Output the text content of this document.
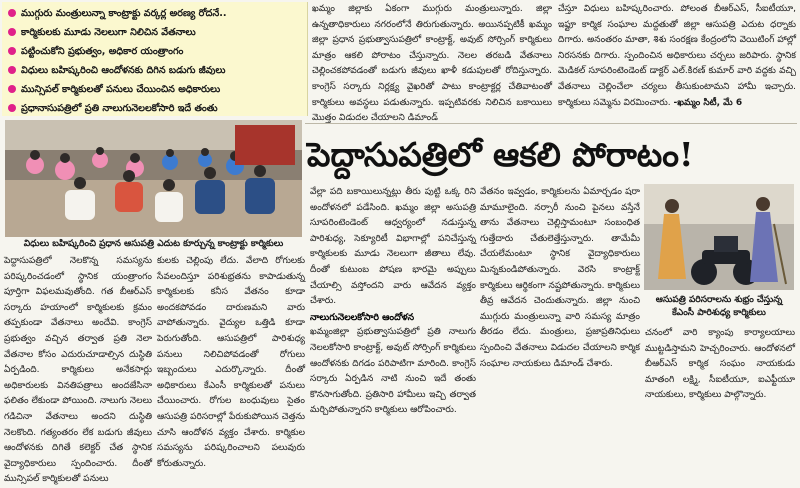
ముగ్గురు మంత్రులున్నా కాంట్రాక్టు వర్కర్ల అరణ్య రోదనే..
కార్మికులకు మూడు నెలలుగా నిలిచిన వేతనాలు
పట్టించుకోని ప్రభుత్వం, అధికార యంత్రాంగం
విధులు బహిష్కరించి ఆందోళనకు దిగిన బడుగు జీవులు
మున్సిపల్ కార్మికులతో పనులు చేయించిన అధికారులు
ప్రధానాసుపత్రిలో ప్రతి నాలుగునెలలకోసారి ఇదే తంతు

ఖమ్మం జిల్లాకు ఏకంగా ముగ్గురు మంత్రులున్నారు. జిల్లా ఉన్నతాధికారులు నగరంలోనే తిరుగుతున్నారు. అయినప్పటికీ ఖమ్మం జిల్లా ప్రధాన ప్రభుత్వాసుపత్రిలో కాంట్రాక్ట్, అవుట్ సోర్సింగ్ కార్మికులు మాత్రం ఆకలి పోరాటం చేస్తున్నారు. నెలల తరబడి వేతనాలు చెల్లించకపోవడంతో బడుగు జీవులు ఖాళీ కడుపులతో రోదిస్తున్నారు. కాంగ్రెస్ సర్కారు నిర్లక్ష్య వైఖరితో పాటు కాంట్రాక్టర్ల చేతివాటంతో కార్మికులు అవస్థలు పడుతున్నారు. ఇప్పటివరకు నిలిచిన బకాయిలు మొత్తం విడుదల చేయాలని డిమాండ్

చేస్తూ విధులు బహిష్కరించారు. పోలంత బీఆర్ఎస్, సీఐటీయూ, ఇఫ్టూ కార్మిక సంఘాల మద్దతుతో జిల్లా ఆసుపత్రి ఎదుట ధర్నాకు దిగారు. అనంతరం మాతా, శిశు సంరక్షణ కేంద్రంలోని వెయిటింగ్ హాల్లో నిరసనకు దిగారు. స్పందించిన అధికారులు చర్చలు జరిపారు. స్థానిక మెడికల్ సూపరింటెండెంట్ డాక్టర్ ఎల్.కిరణ్ కుమార్ వారి వద్దకు వచ్చి వేతనాలు చెల్లించేలా చర్యలు తీసుకుంటామని హామీ ఇచ్చారు. కార్మికులు సమ్మెను విరమించారు. -ఖమ్మం సిటీ, మే 6
పెద్దాసుపత్రిలో ఆకలి పోరాటం!
విధులు బహిష్కరించి ప్రధాన ఆసుపత్రి ఎదుట కూర్చున్న కాంట్రాక్టు కార్మికులు

పెద్దాసుపత్రిలో నెలకొన్న సమస్యను పరిష్కరించడంలో స్థానిక యంత్రాంగం పూర్తిగా విఫలమవుతోంది. గత బీఆర్ఎస్ సర్కారు హయాంలో కార్మికులకు క్రమం తప్పకుండా వేతనాలు అందేవి. కాంగ్రెస్ ప్రభుత్వం వచ్చిన తర్వాత ప్రతి నెలా వేతనాల కోసం ఎదురుచూడాల్సిన దుస్థితి ఏర్పడింది. కార్మికులు అనేకసార్లు అధికారులకు వినతిపత్రాలు అందజేసినా ఫలితం లేకుండా పోయింది. నాలుగు నెలలు గడిచినా వేతనాలు అందని దుస్థితి నెలకొంది. గత్యంతరం లేక బడుగు జీవులు ఆందోళనకు దిగితే కలెక్టర్ చేత స్థానిక వైద్యాధికారులు స్పందించారు. దీంతో మున్సిపల్ కార్మికులతో పనులు

కులకు చెల్లింపు లేదు. వేలాది రోగులకు సేవలందిస్తూ పరిశుభ్రతను కాపాడుతున్న కార్మికులకు కనీస వేతనం కూడా అందకపోవడం దారుణమని వారు వాపోతున్నారు. వైద్యుల ఒత్తిడి కూడా పెరుగుతోంది. ఆసుపత్రిలో పారిశుధ్య పనులు నిలిచిపోవడంతో రోగులు ఇబ్బందులు ఎదుర్కొన్నారు. దీంతో అధికారులు కేఎంసీ కార్మికులతో పనులు చేయించారు. రోగుల బంధువులు సైతం ఆసుపత్రి పరిసరాల్లో పేరుకుపోయిన చెత్తను చూసి ఆందోళన వ్యక్తం చేశారు. కార్మికుల సమస్యను పరిష్కరించాలని పలువురు కోరుతున్నారు.

వేల్లా పది బకాయిలున్నట్లు తీరు పుట్టి ఒక్క రిని అందోళనలో పడేసింది. ఖమ్మం జిల్లా అసుపత్రి సూపరింటెండెంట్ ఆధ్వర్యంలో నడుస్తున్న పారిశుధ్య, సెక్యూరిటీ విభాగాల్లో పనిచేస్తున్న కార్మికులకు మూడు నెలలుగా జీతాలు లేవు. దీంతో కుటుంబ పోషణ భారమై అప్పులు చేయాల్సి వస్తోందని వారు ఆవేదన వ్యక్తం చేశారు.

నాలుగునెలలకోసారి ఆందోళన

ఖమ్మంజిల్లా ప్రభుత్వాసుపత్రిలో ప్రతి నాలుగు నెలలకోసారి కాంట్రాక్ట్, అవుట్ సోర్సింగ్ కార్మికులు ఆందోళనకు దిగడం పరిపాటిగా మారింది. కాంగ్రెస్ సర్కారు ఏర్పడిన నాటి నుంచి ఇదే తంతు కొనసాగుతోంది. ప్రతిసారి హామీలు ఇచ్చి తర్వాత మర్చిపోతున్నారని కార్మికులు ఆరోపించారు.

వేతనం ఇవ్వడం, కార్మికులను ఏమార్చడం షరా మామూలైంది. నర్సారీ నుంచి పైనలు వస్తేనే తాను వేతనాలు చెల్లిస్తామంటూ సంబంధిత గుత్తేదారు చేతులెత్తేస్తున్నారు. తామేమీ చేయలేమంటూ స్థానిక వైద్యాధికారులు మిన్నకుండిపోతున్నారు. వెరసి కాంట్రాక్ట్ కార్మికులు ఆర్థికంగా నష్టపోతున్నారు. కార్మికులు తీవ్ర ఆవేదన చెందుతున్నారు. జిల్లా నుంచి ముగ్గురు మంత్రులున్నా వారి సమస్య మాత్రం తీరడం లేదు. మంత్రులు, ప్రజాప్రతినిధులు స్పందించి వేతనాలు విడుదల చేయాలని కార్మిక సంఘాల నాయకులు డిమాండ్ చేశారు.

ఆసుపత్రి పరిసరాలను శుభ్రం చేస్తున్న కేఎంసీ పారిశుధ్య కార్మికులు

చనంలో వారి క్యాంపు కార్యాలయాలు ముట్టడిస్తామని హెచ్చరించారు. ఆందోళనలో బీఆర్ఎస్ కార్మిక సంఘం నాయకుడు మాతంగి లక్ష్మి, సీఐటీయూ, ఐఎఫ్టీయూ నాయకులు, కార్మికులు పాల్గొన్నారు.
